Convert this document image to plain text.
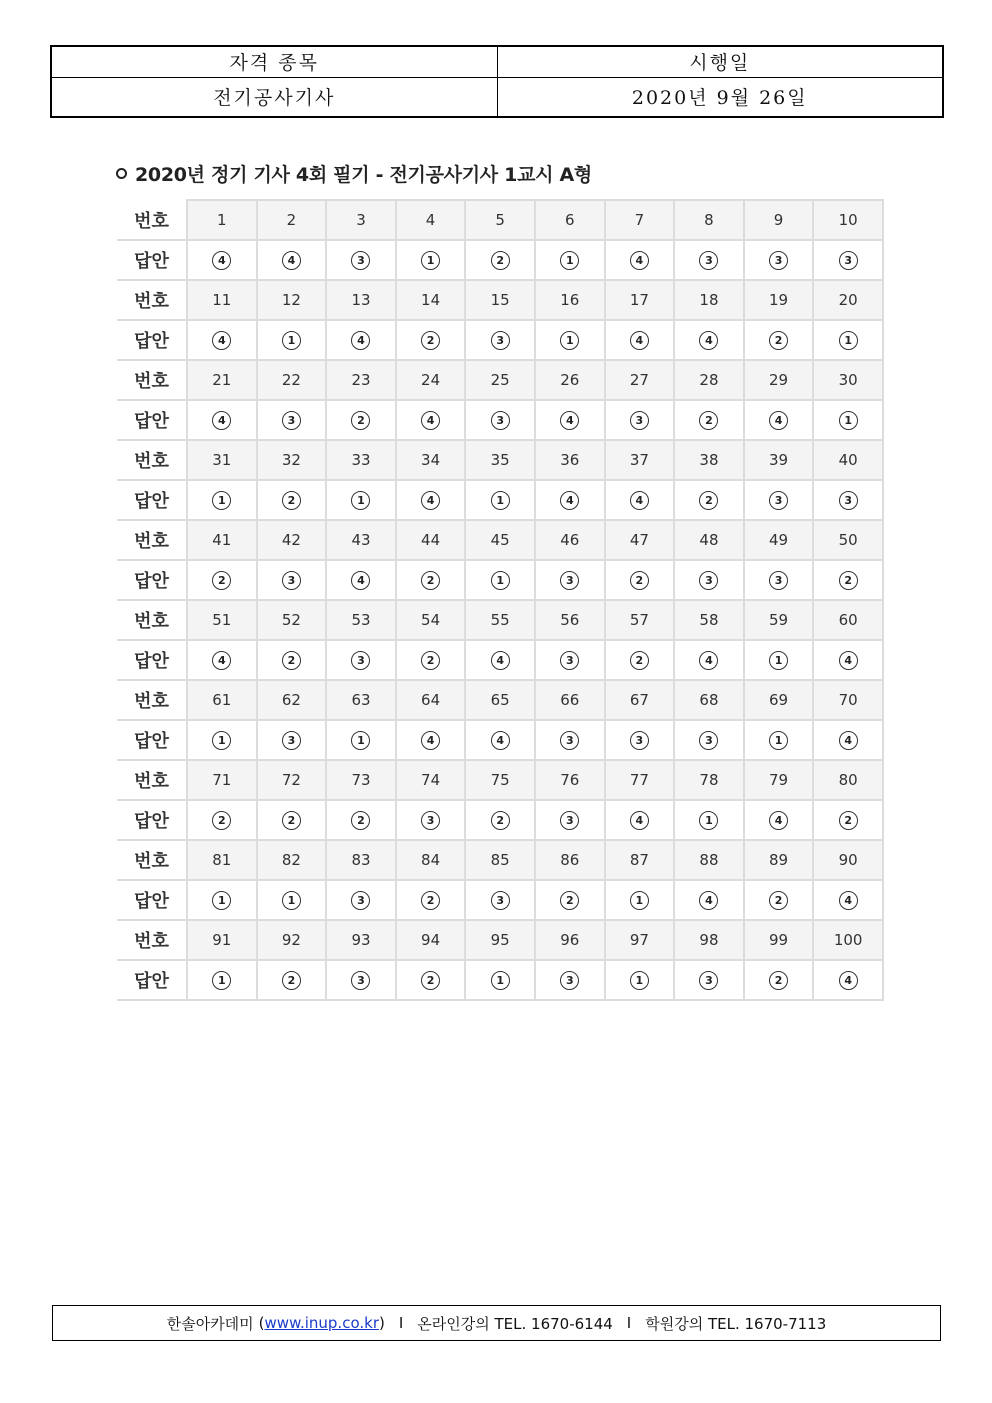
자격 종목	시행일
전기공사기사	2020년 9월 26일
2020년 정기 기사 4회 필기 - 전기공사기사 1교시 A형
번호	1	2	3	4	5	6	7	8	9	10
답안	4	4	3	1	2	1	4	3	3	3
번호	11	12	13	14	15	16	17	18	19	20
답안	4	1	4	2	3	1	4	4	2	1
번호	21	22	23	24	25	26	27	28	29	30
답안	4	3	2	4	3	4	3	2	4	1
번호	31	32	33	34	35	36	37	38	39	40
답안	1	2	1	4	1	4	4	2	3	3
번호	41	42	43	44	45	46	47	48	49	50
답안	2	3	4	2	1	3	2	3	3	2
번호	51	52	53	54	55	56	57	58	59	60
답안	4	2	3	2	4	3	2	4	1	4
번호	61	62	63	64	65	66	67	68	69	70
답안	1	3	1	4	4	3	3	3	1	4
번호	71	72	73	74	75	76	77	78	79	80
답안	2	2	2	3	2	3	4	1	4	2
번호	81	82	83	84	85	86	87	88	89	90
답안	1	1	3	2	3	2	1	4	2	4
번호	91	92	93	94	95	96	97	98	99	100
답안	1	2	3	2	1	3	1	3	2	4
한솔아카데미 ( www.inup.co.kr ) I 온라인강의 TEL. 1670-6144 I 학원강의 TEL. 1670-7113
